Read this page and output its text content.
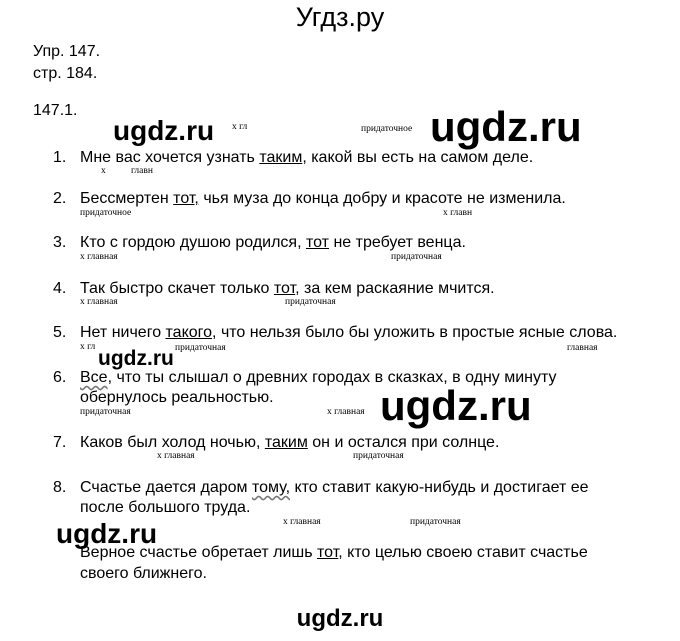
Угдз.ру
Упр. 147.
стр. 184.
147.1.
ugdz.ru	ugdz.ru
ugdz.ru
ugdz.ru
ugdz.ru
х гл	придаточное
1. Мне вас хочется узнать таким, какой вы есть на самом деле.
х	главн
2. Бессмертен тот, чья муза до конца добру и красоте не изменила.
придаточное	х главн
3. Кто с гордою душою родился, тот не требует венца.
х главная	придаточная
4. Так быстро скачет только тот, за кем раскаяние мчится.
х главная	придаточная
5. Нет ничего такого, что нельзя было бы уложить в простые ясные слова.
х гл	придаточная	главная
6. Все, что ты слышал о древних городах в сказках, в одну минуту
обернулось реальностью.
придаточная	х главная
7. Каков был холод ночью, таким он и остался при солнце.
х главная	придаточная
8. Счастье дается даром тому, кто ставит какую-нибудь и достигает ее
после большого труда.
х главная	придаточная
Верное счастье обретает лишь тот, кто целью своею ставит счастье
своего ближнего.
ugdz.ru
